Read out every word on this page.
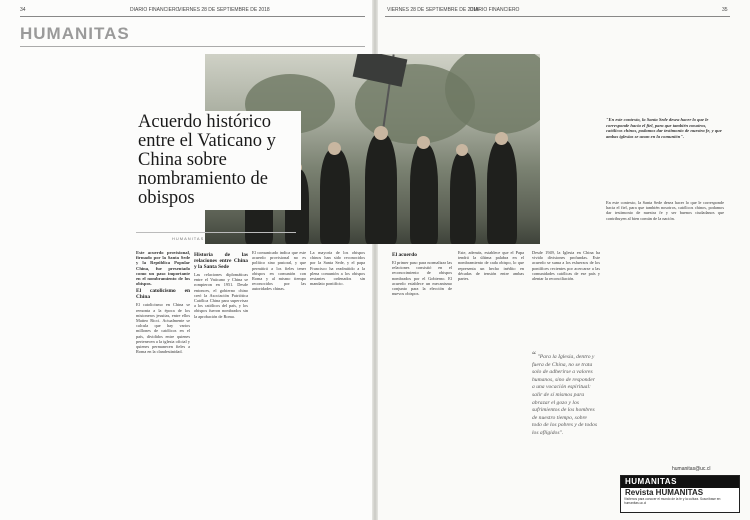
34	DIARIO FINANCIERO
VIERNES 28 DE SEPTIEMBRE DE 2018	VIERNES 28 DE SEPTIEMBRE DE 2018
DIARIO FINANCIERO	35
HUMANITAS
Acuerdo histórico entre el Vaticano y China sobre nombramiento de obispos
HUMANITAS

Este acuerdo provisional, firmado por la Santa Sede y la República Popular China, fue presentado como un paso importante en el nombramiento de los obispos.

El catolicismo en China

El catolicismo en China se remonta a la época de los misioneros jesuitas, entre ellos Matteo Ricci. Actualmente se calcula que hay varios millones de católicos en el país, divididos entre quienes pertenecen a la iglesia oficial y quienes permanecen fieles a Roma en la clandestinidad.

Historia de las relaciones entre China y la Santa Sede

Las relaciones diplomáticas entre el Vaticano y China se rompieron en 1951. Desde entonces, el gobierno chino creó la Asociación Patriótica Católica China para supervisar a los católicos del país, y los obispos fueron nombrados sin la aprobación de Roma.

El comunicado indica que este acuerdo provisional no es político sino pastoral, y que permitirá a los fieles tener obispos en comunión con Roma y al mismo tiempo reconocidos por las autoridades chinas.

La mayoría de los obispos chinos han sido reconocidos por la Santa Sede, y el papa Francisco ha readmitido a la plena comunión a los obispos restantes ordenados sin mandato pontificio.

El acuerdo

El primer paso para normalizar las relaciones consistió en el reconocimiento de obispos nombrados por el Gobierno. El acuerdo establece un mecanismo conjunto para la elección de nuevos obispos.

Este, además, establece que el Papa tendrá la última palabra en el nombramiento de cada obispo, lo que representa un hecho inédito en décadas de tensión entre ambas partes.

Desde 1949, la Iglesia en China ha vivido divisiones profundas. Este acuerdo se suma a los esfuerzos de los pontífices recientes por acercarse a las comunidades católicas de ese país y alentar la reconciliación.

En este contexto, la Santa Sede desea hacer lo que le corresponde hacia el fiel, para que también nosotros, católicos chinos, podamos dar testimonio de nuestra fe y ser buenos ciudadanos que contribuyen al bien común de la nación.

"En este contexto, la Santa Sede desea hacer lo que le corresponde hacia el fiel, para que también nosotros, católicos chinos, podamos dar testimonio de nuestra fe, y que ambas iglesias se unan en la comunión".
“ "Para la Iglesia, dentro y fuera de China, no se trata solo de adherirse a valores humanos, sino de responder a una vocación espiritual: salir de sí mismos para abrazar el gozo y los sufrimientos de los hombres de nuestro tiempo, sobre todo de los pobres y de todos los afligidos".
humanitas@uc.cl
HUMANITAS
Revista HUMANITAS
Visítenos para conocer el mundo de la fe y la cultura. Suscríbase en: humanitas.uc.cl
